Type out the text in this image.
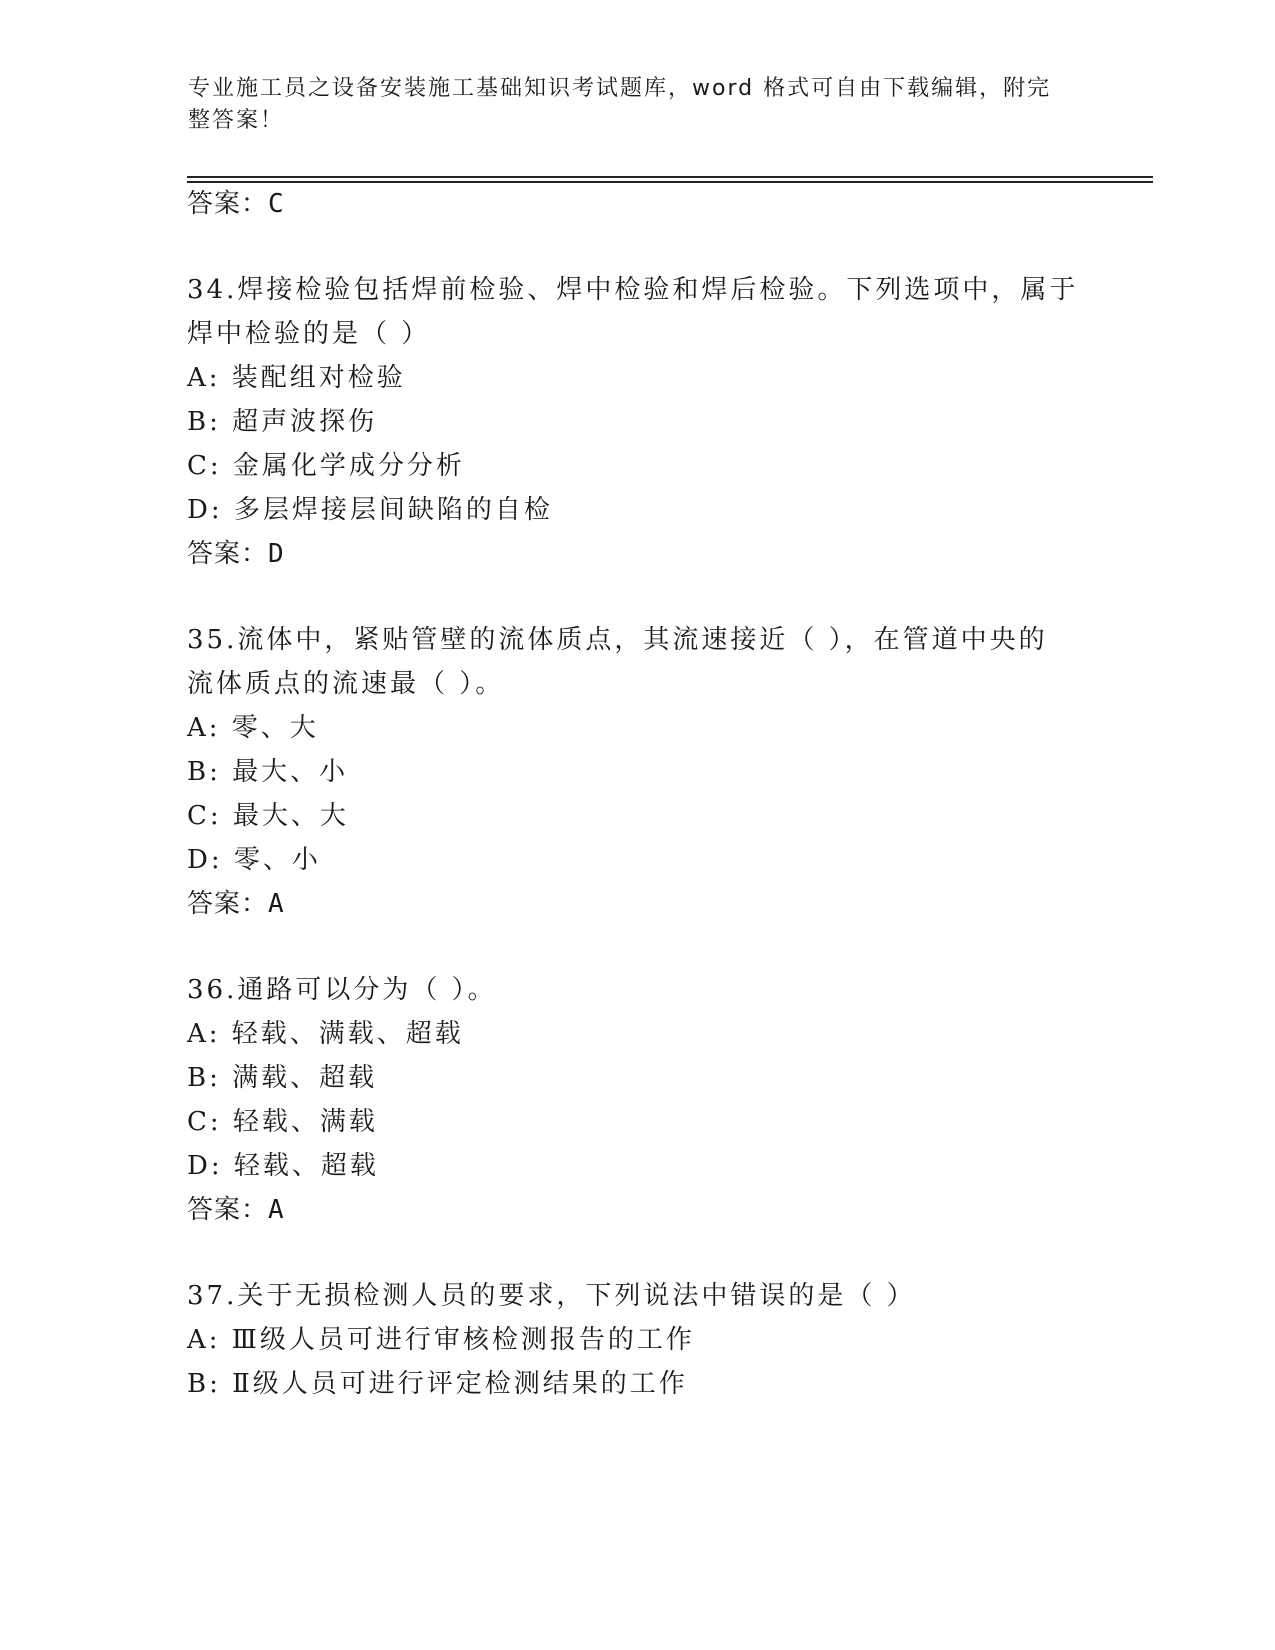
专业施工员之设备安装施工基础知识考试题库，word 格式可自由下载编辑，附完整答案！
答案：C
34.焊接检验包括焊前检验、焊中检验和焊后检验。下列选项中，属于
焊中检验的是（ ）
A: 装配组对检验
B: 超声波探伤
C: 金属化学成分分析
D: 多层焊接层间缺陷的自检
答案：D
35.流体中，紧贴管壁的流体质点，其流速接近（ ），在管道中央的
流体质点的流速最（ ）。
A: 零、大
B: 最大、小
C: 最大、大
D: 零、小
答案：A
36.通路可以分为（ ）。
A: 轻载、满载、超载
B: 满载、超载
C: 轻载、满载
D: 轻载、超载
答案：A
37.关于无损检测人员的要求，下列说法中错误的是（ ）
A: Ⅲ级人员可进行审核检测报告的工作
B: Ⅱ级人员可进行评定检测结果的工作
